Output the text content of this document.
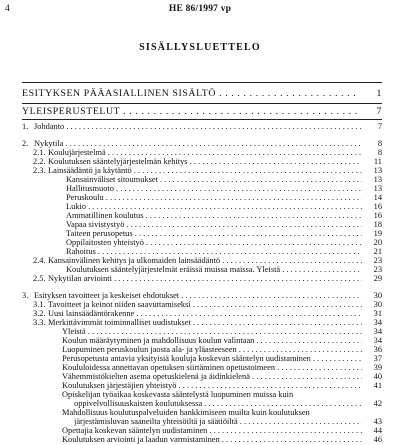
4	HE 86/1997 vp
SISÄLLYSLUETTELO
ESITYKSEN PÄÄASIALLINEN SISÄLTÖ . . .	1
YLEISPERUSTELUT . . .	7
1. Johdanto . . .	7
2. Nykytila . . .	8
2.1. Koulujärjestelmä . . .	8
2.2. Koulutuksen sääntelyjärjestelmän kehitys . . .	11
2.3. Lainsäädäntö ja käytäntö . . .	13
Kansainväliset sitoumukset . . .	13
Hallitusmuoto . . .	13
Peruskoulu . . .	14
Lukio . . .	16
Ammatillinen koulutus . . .	16
Vapaa sivistystyö . . .	18
Taiteen perusopetus . . .	19
Oppilaitosten yhteistyö . . .	20
Rahoitus . . .	21
2.4. Kansainvälinen kehitys ja ulkomaiden lainsäädäntö . . .	23
Koulutuksen sääntelyjärjestelmät eräissä muissa maissa. Yleistä . . .	23
2.5. Nykytilan arviointi . . .	29
3. Esityksen tavoitteet ja keskeiset ehdotukset . . .	30
3.1. Tavoitteet ja keinot niiden saavuttamiseksi . . .	30
3.2. Uusi lainsäädäntörakenne . . .	31
3.3. Merkittävimmät toiminnalliset uudistukset . . .	34
Yleistä . . .	34
Koulun määräytyminen ja mahdollisuus koulun valintaan . . .	34
Luopuminen peruskoulun jaosta ala- ja yläasteeseen . . .	36
Perusopetusta antavia yksityisiä kouluja koskevan sääntelyn uudistaminen . . .	37
Koululoidessa annettavan opetuksen siirtäminen opetustoimeen . . .	39
Vähemmistökielten asema opetuskielenä ja äidinkielenä . . .	40
Koulutuksen järjestäjien yhteistyö . . .	41
Opiskelijan työaikaa koskevasta sääntelystä luopuminen muissa kuin
oppivelvollisuuskaisten koulutuksessa . . .	42
Mahdollisuus koulutuspalveluiden hankkimiseen muilta kuin koulutuksen
järjestämisluvan saaneilta yhteisöiltä ja säätiöiltä . . .	43
Opettajia koskevan sääntelyn uudistaminen . . .	44
Koulutuksen arviointi ja laadun varmistaminen . . .	46
